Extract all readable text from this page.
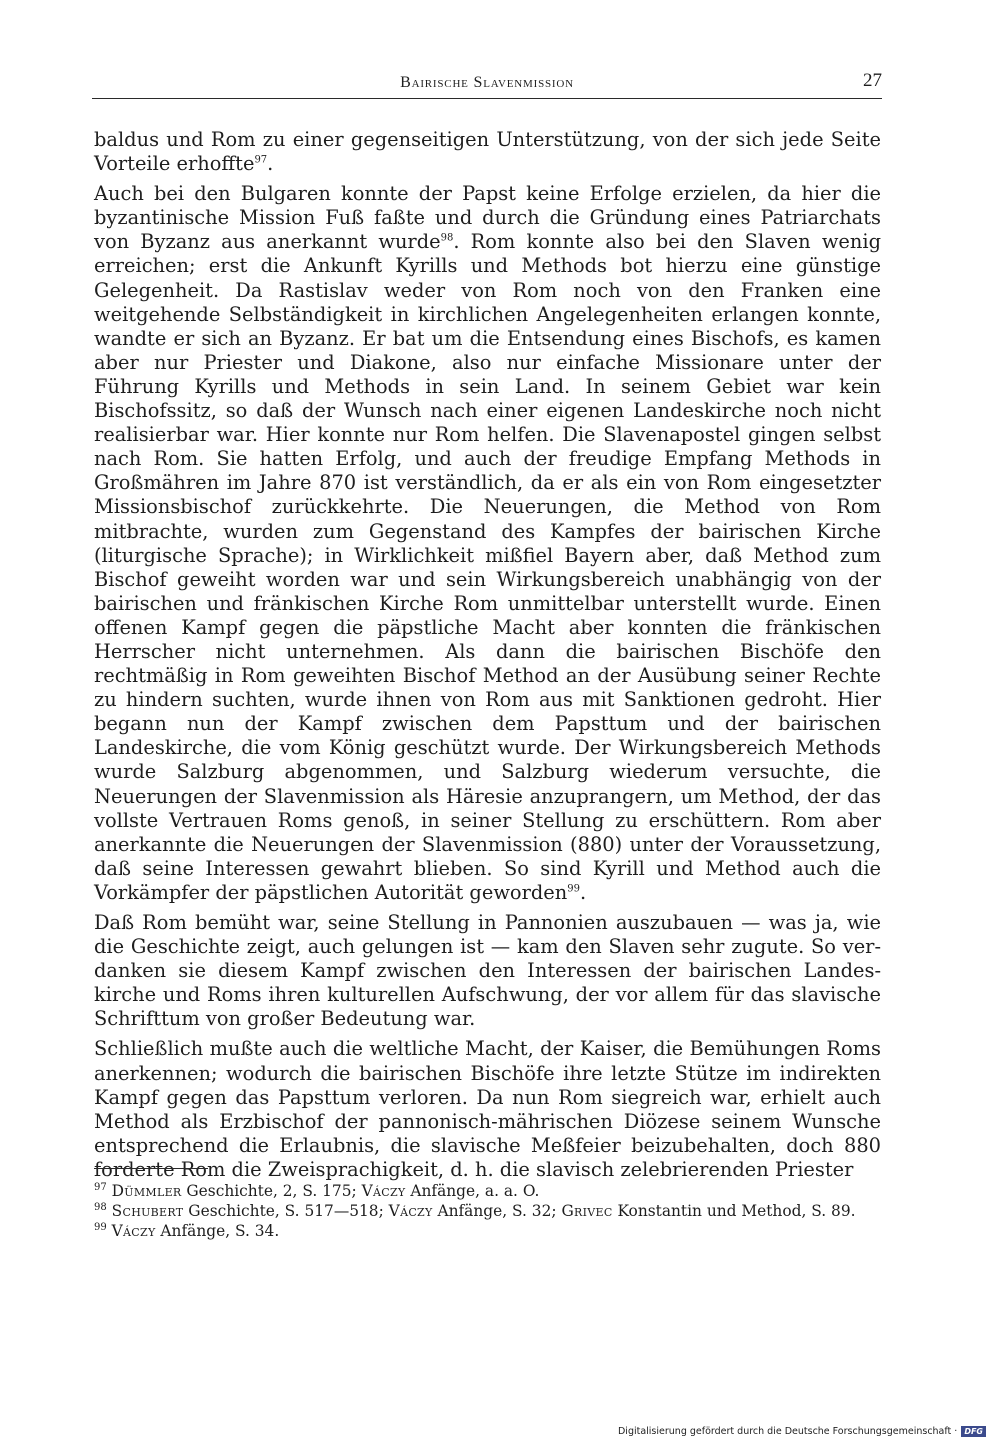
Bairische Slavenmission	27

baldus und Rom zu einer gegenseitigen Unterstützung, von der sich jede Seite Vorteile erhoffte$^{97}$.

Auch bei den Bulgaren konnte der Papst keine Erfolge erzielen, da hier die byzantinische Mission Fuß faßte und durch die Gründung eines Patriarchats von Byzanz aus anerkannt wurde$^{98}$. Rom konnte also bei den Slaven wenig erreichen; erst die Ankunft Kyrills und Methods bot hierzu eine günstige Gelegenheit. Da Rastislav weder von Rom noch von den Franken eine weitgehende Selbständigkeit in kirchlichen Angelegenheiten erlangen konnte, wandte er sich an Byzanz. Er bat um die Entsendung eines Bischofs, es kamen aber nur Priester und Diakone, also nur einfache Missionare unter der Führung Kyrills und Methods in sein Land. In seinem Gebiet war kein Bischofssitz, so daß der Wunsch nach einer eigenen Landeskirche noch nicht realisierbar war. Hier konnte nur Rom helfen. Die Slavenapostel gingen selbst nach Rom. Sie hatten Erfolg, und auch der freudige Empfang Methods in Großmähren im Jahre 870 ist verständlich, da er als ein von Rom eingesetzter Missionsbischof zurückkehrte. Die Neuerungen, die Method von Rom mitbrachte, wurden zum Gegenstand des Kampfes der bairischen Kirche (liturgische Sprache); in Wirklichkeit mißfiel Bayern aber, daß Method zum Bischof geweiht worden war und sein Wirkungsbereich unabhängig von der bairischen und fränkischen Kirche Rom unmittelbar unterstellt wurde. Einen offenen Kampf gegen die päpstliche Macht aber konnten die fränkischen Herrscher nicht unternehmen. Als dann die bairischen Bischöfe den rechtmäßig in Rom geweihten Bischof Method an der Ausübung seiner Rechte zu hindern suchten, wurde ihnen von Rom aus mit Sanktionen gedroht. Hier begann nun der Kampf zwischen dem Papsttum und der bairischen Landeskirche, die vom König geschützt wurde. Der Wirkungsbereich Methods wurde Salzburg abgenommen, und Salzburg wiederum versuchte, die Neuerungen der Slavenmission als Häresie anzuprangern, um Method, der das vollste Vertrauen Roms genoß, in seiner Stellung zu erschüttern. Rom aber anerkannte die Neuerungen der Slavenmission (880) unter der Voraussetzung, daß seine Interessen gewahrt blieben. So sind Kyrill und Method auch die Vorkämpfer der päpstlichen Autorität geworden$^{99}$.

Daß Rom bemüht war, seine Stellung in Pannonien auszubauen — was ja, wie die Geschichte zeigt, auch gelungen ist — kam den Slaven sehr zugute. So verdanken sie diesem Kampf zwischen den Interessen der bairischen Landeskirche und Roms ihren kulturellen Aufschwung, der vor allem für das slavische Schrifttum von großer Bedeutung war.

Schließlich mußte auch die weltliche Macht, der Kaiser, die Bemühungen Roms anerkennen; wodurch die bairischen Bischöfe ihre letzte Stütze im indirekten Kampf gegen das Papsttum verloren. Da nun Rom siegreich war, erhielt auch Method als Erzbischof der pannonisch-mährischen Diözese seinem Wunsche entsprechend die Erlaubnis, die slavische Meßfeier beizubehalten, doch 880 forderte Rom die Zweisprachigkeit, d. h. die slavisch zelebrierenden Priester

$^{97}$ Dümmler Geschichte, 2, S. 175; Váczy Anfänge, a. a. O.
$^{98}$ Schubert Geschichte, S. 517—518; Váczy Anfänge, S. 32; Grivec Konstantin und Method, S. 89.
$^{99}$ Váczy Anfänge, S. 34.
Digitalisierung gefördert durch die Deutsche Forschungsgemeinschaft · DFG
